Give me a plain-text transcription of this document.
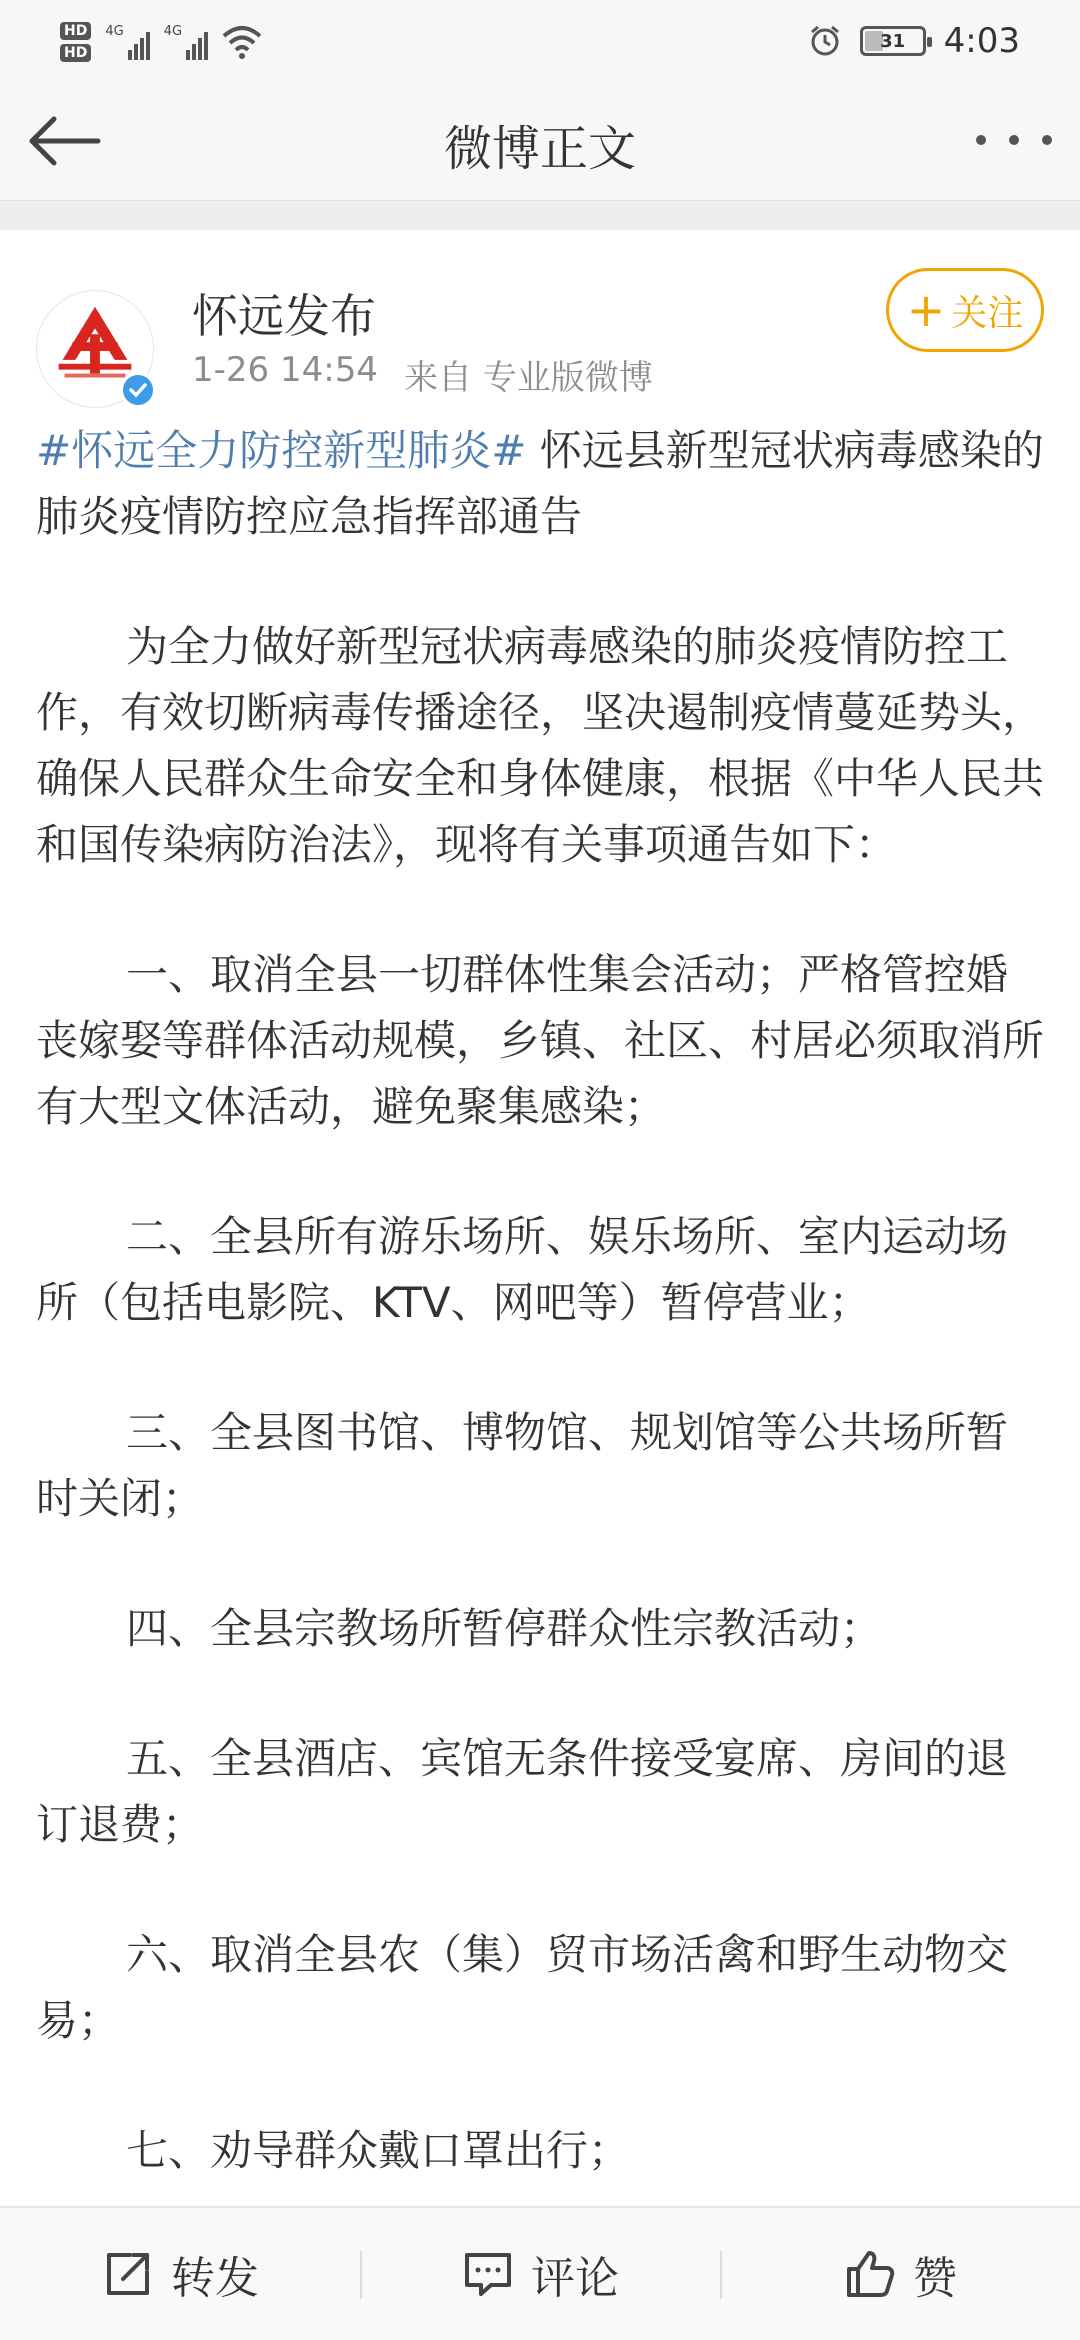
HD
HD
4G	4G	31 4:03
微博正文
怀远发布
1-26 14:54 来自 专业版微博
+ 关注

#怀远全力防控新型肺炎# 怀远县新型冠状病毒感染的肺炎疫情防控应急指挥部通告

为全力做好新型冠状病毒感染的肺炎疫情防控工作，有效切断病毒传播途径，坚决遏制疫情蔓延势头，确保人民群众生命安全和身体健康，根据《中华人民共和国传染病防治法》，现将有关事项通告如下：

一、取消全县一切群体性集会活动；严格管控婚丧嫁娶等群体活动规模，乡镇、社区、村居必须取消所有大型文体活动，避免聚集感染；

二、全县所有游乐场所、娱乐场所、室内运动场所（包括电影院、KTV、网吧等）暂停营业；

三、全县图书馆、博物馆、规划馆等公共场所暂时关闭；

四、全县宗教场所暂停群众性宗教活动；

五、全县酒店、宾馆无条件接受宴席、房间的退订退费；

六、取消全县农（集）贸市场活禽和野生动物交易；

七、劝导群众戴口罩出行；

转发	评论	赞
